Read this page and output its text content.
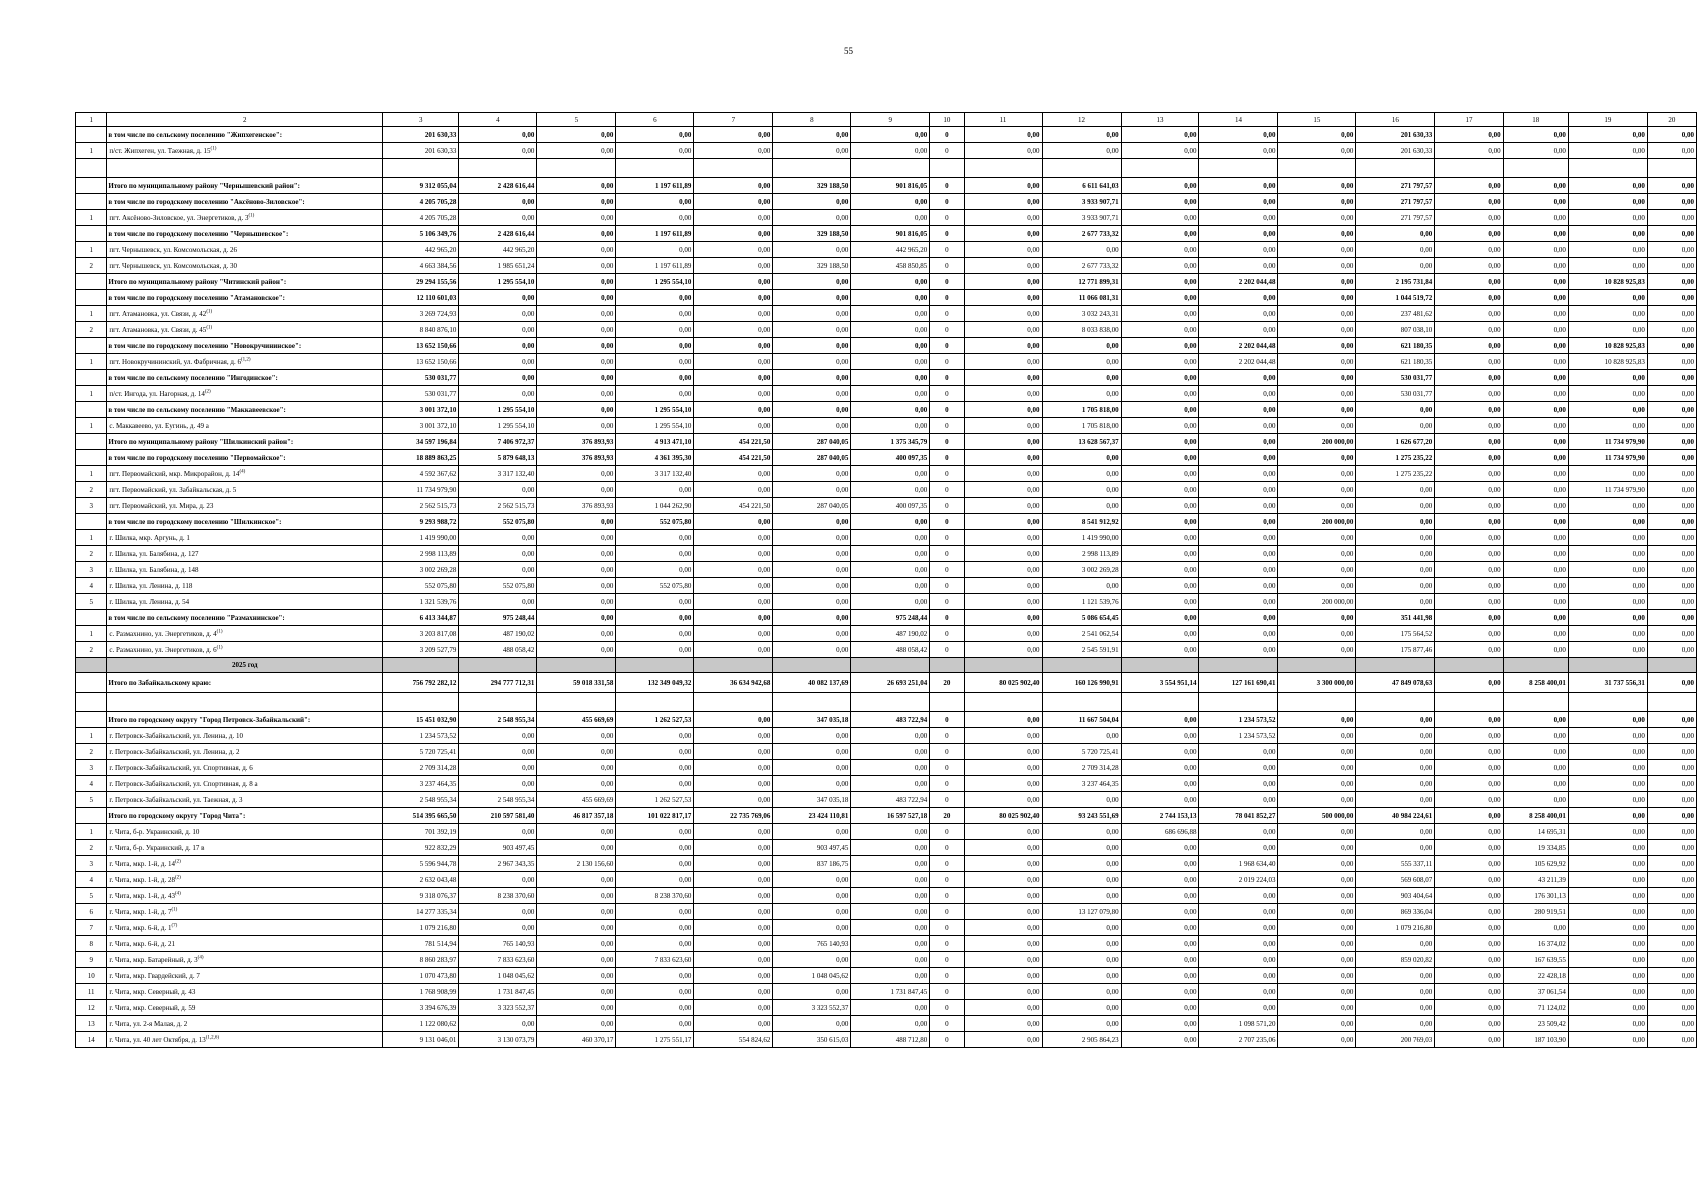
55
1	2	3	4	5	6	7	8	9	10	11	12	13	14	15	16	17	18	19	20
	в том числе по сельскому поселению "Жипхегенское":	201 630,33	0,00	0,00	0,00	0,00	0,00	0,00	0	0,00	0,00	0,00	0,00	0,00	201 630,33	0,00	0,00	0,00	0,00
1	п/ст. Жипхеген, ул. Таежная, д. 15$^{(1)}$	201 630,33	0,00	0,00	0,00	0,00	0,00	0,00	0	0,00	0,00	0,00	0,00	0,00	201 630,33	0,00	0,00	0,00	0,00

	Итого по муниципальному району "Чернышевский район":	9 312 055,04	2 428 616,44	0,00	1 197 611,89	0,00	329 188,50	901 816,05	0	0,00	6 611 641,03	0,00	0,00	0,00	271 797,57	0,00	0,00	0,00	0,00
	в том числе по городскому поселению "Аксёново-Зиловское":	4 205 705,28	0,00	0,00	0,00	0,00	0,00	0,00	0	0,00	3 933 907,71	0,00	0,00	0,00	271 797,57	0,00	0,00	0,00	0,00
1	пгт. Аксёново-Зиловское, ул. Энергетиков, д. 3$^{(1)}$	4 205 705,28	0,00	0,00	0,00	0,00	0,00	0,00	0	0,00	3 933 907,71	0,00	0,00	0,00	271 797,57	0,00	0,00	0,00	0,00
	в том числе по городскому поселению "Чернышевское":	5 106 349,76	2 428 616,44	0,00	1 197 611,89	0,00	329 188,50	901 816,05	0	0,00	2 677 733,32	0,00	0,00	0,00	0,00	0,00	0,00	0,00	0,00
1	пгт. Чернышевск, ул. Комсомольская, д. 26	442 965,20	442 965,20	0,00	0,00	0,00	0,00	442 965,20	0	0,00	0,00	0,00	0,00	0,00	0,00	0,00	0,00	0,00	0,00
2	пгт. Чернышевск, ул. Комсомольская, д. 30	4 663 384,56	1 985 651,24	0,00	1 197 611,89	0,00	329 188,50	458 850,85	0	0,00	2 677 733,32	0,00	0,00	0,00	0,00	0,00	0,00	0,00	0,00
	Итого по муниципальному району "Читинский район":	29 294 155,56	1 295 554,10	0,00	1 295 554,10	0,00	0,00	0,00	0	0,00	12 771 899,31	0,00	2 202 044,48	0,00	2 195 731,84	0,00	0,00	10 828 925,83	0,00
	в том числе по городскому поселению "Атамановское":	12 110 601,03	0,00	0,00	0,00	0,00	0,00	0,00	0	0,00	11 066 081,31	0,00	0,00	0,00	1 044 519,72	0,00	0,00	0,00	0,00
1	пгт. Атамановка, ул. Связи, д. 42$^{(1)}$	3 269 724,93	0,00	0,00	0,00	0,00	0,00	0,00	0	0,00	3 032 243,31	0,00	0,00	0,00	237 481,62	0,00	0,00	0,00	0,00
2	пгт. Атамановка, ул. Связи, д. 45$^{(1)}$	8 840 876,10	0,00	0,00	0,00	0,00	0,00	0,00	0	0,00	8 033 838,00	0,00	0,00	0,00	807 038,10	0,00	0,00	0,00	0,00
	в том числе по городскому поселению "Новокручининское":	13 652 150,66	0,00	0,00	0,00	0,00	0,00	0,00	0	0,00	0,00	0,00	2 202 044,48	0,00	621 180,35	0,00	0,00	10 828 925,83	0,00
1	пгт. Новокручининский, ул. Фабричная, д. 6$^{(1,2)}$	13 652 150,66	0,00	0,00	0,00	0,00	0,00	0,00	0	0,00	0,00	0,00	2 202 044,48	0,00	621 180,35	0,00	0,00	10 828 925,83	0,00
	в том числе по сельскому поселению "Ингодинское":	530 031,77	0,00	0,00	0,00	0,00	0,00	0,00	0	0,00	0,00	0,00	0,00	0,00	530 031,77	0,00	0,00	0,00	0,00
1	п/ст. Ингода, ул. Нагорная, д. 14$^{(2)}$	530 031,77	0,00	0,00	0,00	0,00	0,00	0,00	0	0,00	0,00	0,00	0,00	0,00	530 031,77	0,00	0,00	0,00	0,00
	в том числе по сельскому поселению "Маккавеевское":	3 001 372,10	1 295 554,10	0,00	1 295 554,10	0,00	0,00	0,00	0	0,00	1 705 818,00	0,00	0,00	0,00	0,00	0,00	0,00	0,00	0,00
1	с. Маккавеево, ул. Еугинь, д. 49 а	3 001 372,10	1 295 554,10	0,00	1 295 554,10	0,00	0,00	0,00	0	0,00	1 705 818,00	0,00	0,00	0,00	0,00	0,00	0,00	0,00	0,00
	Итого по муниципальному району "Шилкинский район":	34 597 196,84	7 406 972,37	376 893,93	4 913 471,10	454 221,50	287 040,05	1 375 345,79	0	0,00	13 628 567,37	0,00	0,00	200 000,00	1 626 677,20	0,00	0,00	11 734 979,90	0,00
	в том числе по городскому поселению "Первомайское":	18 889 863,25	5 879 648,13	376 893,93	4 361 395,30	454 221,50	287 040,05	400 097,35	0	0,00	0,00	0,00	0,00	0,00	1 275 235,22	0,00	0,00	11 734 979,90	0,00
1	пгт. Первомайский, мкр. Микрорайон, д. 14$^{(4)}$	4 592 367,62	3 317 132,40	0,00	3 317 132,40	0,00	0,00	0,00	0	0,00	0,00	0,00	0,00	0,00	1 275 235,22	0,00	0,00	0,00	0,00
2	пгт. Первомайский, ул. Забайкальская, д. 5	11 734 979,90	0,00	0,00	0,00	0,00	0,00	0,00	0	0,00	0,00	0,00	0,00	0,00	0,00	0,00	0,00	11 734 979,90	0,00
3	пгт. Первомайский, ул. Мира, д. 23	2 562 515,73	2 562 515,73	376 893,93	1 044 262,90	454 221,50	287 040,05	400 097,35	0	0,00	0,00	0,00	0,00	0,00	0,00	0,00	0,00	0,00	0,00
	в том числе по городскому поселению "Шилкинское":	9 293 988,72	552 075,80	0,00	552 075,80	0,00	0,00	0,00	0	0,00	8 541 912,92	0,00	0,00	200 000,00	0,00	0,00	0,00	0,00	0,00
1	г. Шилка, мкр. Аргунь, д. 1	1 419 990,00	0,00	0,00	0,00	0,00	0,00	0,00	0	0,00	1 419 990,00	0,00	0,00	0,00	0,00	0,00	0,00	0,00	0,00
2	г. Шилка, ул. Балябина, д. 127	2 998 113,89	0,00	0,00	0,00	0,00	0,00	0,00	0	0,00	2 998 113,89	0,00	0,00	0,00	0,00	0,00	0,00	0,00	0,00
3	г. Шилка, ул. Балябина, д. 148	3 002 269,28	0,00	0,00	0,00	0,00	0,00	0,00	0	0,00	3 002 269,28	0,00	0,00	0,00	0,00	0,00	0,00	0,00	0,00
4	г. Шилка, ул. Ленина, д. 118	552 075,80	552 075,80	0,00	552 075,80	0,00	0,00	0,00	0	0,00	0,00	0,00	0,00	0,00	0,00	0,00	0,00	0,00	0,00
5	г. Шилка, ул. Ленина, д. 54	1 321 539,76	0,00	0,00	0,00	0,00	0,00	0,00	0	0,00	1 121 539,76	0,00	0,00	200 000,00	0,00	0,00	0,00	0,00	0,00
	в том числе по сельскому поселению "Размахнинское":	6 413 344,87	975 248,44	0,00	0,00	0,00	0,00	975 248,44	0	0,00	5 086 654,45	0,00	0,00	0,00	351 441,98	0,00	0,00	0,00	0,00
1	с. Размахнино, ул. Энергетиков, д. 4$^{(1)}$	3 203 817,08	487 190,02	0,00	0,00	0,00	0,00	487 190,02	0	0,00	2 541 062,54	0,00	0,00	0,00	175 564,52	0,00	0,00	0,00	0,00
2	с. Размахнино, ул. Энергетиков, д. 6$^{(1)}$	3 209 527,79	488 058,42	0,00	0,00	0,00	0,00	488 058,42	0	0,00	2 545 591,91	0,00	0,00	0,00	175 877,46	0,00	0,00	0,00	0,00
	2025 год																		
	Итого по Забайкальскому краю:	756 792 282,12	294 777 712,31	59 018 331,58	132 349 049,32	36 634 942,68	40 082 137,69	26 693 251,04	20	80 025 902,40	160 126 990,91	3 554 951,14	127 161 690,41	3 300 000,00	47 849 078,63	0,00	8 258 400,01	31 737 556,31	0,00

	Итого по городскому округу "Город Петровск-Забайкальский":	15 451 032,90	2 548 955,34	455 669,69	1 262 527,53	0,00	347 035,18	483 722,94	0	0,00	11 667 504,04	0,00	1 234 573,52	0,00	0,00	0,00	0,00	0,00	0,00
1	г. Петровск-Забайкальский, ул. Ленина, д. 10	1 234 573,52	0,00	0,00	0,00	0,00	0,00	0,00	0	0,00	0,00	0,00	1 234 573,52	0,00	0,00	0,00	0,00	0,00	0,00
2	г. Петровск-Забайкальский, ул. Ленина, д. 2	5 720 725,41	0,00	0,00	0,00	0,00	0,00	0,00	0	0,00	5 720 725,41	0,00	0,00	0,00	0,00	0,00	0,00	0,00	0,00
3	г. Петровск-Забайкальский, ул. Спортивная, д. 6	2 709 314,28	0,00	0,00	0,00	0,00	0,00	0,00	0	0,00	2 709 314,28	0,00	0,00	0,00	0,00	0,00	0,00	0,00	0,00
4	г. Петровск-Забайкальский, ул. Спортивная, д. 8 а	3 237 464,35	0,00	0,00	0,00	0,00	0,00	0,00	0	0,00	3 237 464,35	0,00	0,00	0,00	0,00	0,00	0,00	0,00	0,00
5	г. Петровск-Забайкальский, ул. Таежная, д. 3	2 548 955,34	2 548 955,34	455 669,69	1 262 527,53	0,00	347 035,18	483 722,94	0	0,00	0,00	0,00	0,00	0,00	0,00	0,00	0,00	0,00	0,00
	Итого по городскому округу "Город Чита":	514 395 665,50	210 597 581,40	46 817 357,18	101 022 817,17	22 735 769,06	23 424 110,81	16 597 527,18	20	80 025 902,40	93 243 551,69	2 744 153,13	78 041 852,27	500 000,00	40 984 224,61	0,00	8 258 400,01	0,00	0,00
1	г. Чита, б-р. Украинский, д. 10	701 392,19	0,00	0,00	0,00	0,00	0,00	0,00	0	0,00	0,00	686 696,88	0,00	0,00	0,00	0,00	14 695,31	0,00	0,00
2	г. Чита, б-р. Украинский, д. 17 в	922 832,29	903 497,45	0,00	0,00	0,00	903 497,45	0,00	0	0,00	0,00	0,00	0,00	0,00	0,00	0,00	19 334,85	0,00	0,00
3	г. Чита, мкр. 1-й, д. 14$^{(2)}$	5 596 944,78	2 967 343,35	2 130 156,60	0,00	0,00	837 186,75	0,00	0	0,00	0,00	0,00	1 968 634,40	0,00	555 337,11	0,00	105 629,92	0,00	0,00
4	г. Чита, мкр. 1-й, д. 28$^{(2)}$	2 632 043,48	0,00	0,00	0,00	0,00	0,00	0,00	0	0,00	0,00	0,00	2 019 224,03	0,00	569 608,07	0,00	43 211,39	0,00	0,00
5	г. Чита, мкр. 1-й, д. 43$^{(4)}$	9 318 076,37	8 238 370,60	0,00	8 238 370,60	0,00	0,00	0,00	0	0,00	0,00	0,00	0,00	0,00	903 404,64	0,00	176 301,13	0,00	0,00
6	г. Чита, мкр. 1-й, д. 7$^{(1)}$	14 277 335,34	0,00	0,00	0,00	0,00	0,00	0,00	0	0,00	13 127 079,80	0,00	0,00	0,00	869 336,04	0,00	280 919,51	0,00	0,00
7	г. Чита, мкр. 6-й, д. 1$^{(7)}$	1 079 216,80	0,00	0,00	0,00	0,00	0,00	0,00	0	0,00	0,00	0,00	0,00	0,00	1 079 216,80	0,00	0,00	0,00	0,00
8	г. Чита, мкр. 6-й, д. 21	781 514,94	765 140,93	0,00	0,00	0,00	765 140,93	0,00	0	0,00	0,00	0,00	0,00	0,00	0,00	0,00	16 374,02	0,00	0,00
9	г. Чита, мкр. Батарейный, д. 3$^{(4)}$	8 860 283,97	7 833 623,60	0,00	7 833 623,60	0,00	0,00	0,00	0	0,00	0,00	0,00	0,00	0,00	859 020,82	0,00	167 639,55	0,00	0,00
10	г. Чита, мкр. Гвардейский, д. 7	1 070 473,80	1 048 045,62	0,00	0,00	0,00	1 048 045,62	0,00	0	0,00	0,00	0,00	0,00	0,00	0,00	0,00	22 428,18	0,00	0,00
11	г. Чита, мкр. Северный, д. 43	1 768 908,99	1 731 847,45	0,00	0,00	0,00	0,00	1 731 847,45	0	0,00	0,00	0,00	0,00	0,00	0,00	0,00	37 061,54	0,00	0,00
12	г. Чита, мкр. Северный, д. 59	3 394 676,39	3 323 552,37	0,00	0,00	0,00	3 323 552,37	0,00	0	0,00	0,00	0,00	0,00	0,00	0,00	0,00	71 124,02	0,00	0,00
13	г. Чита, ул. 2-я Малая, д. 2	1 122 080,62	0,00	0,00	0,00	0,00	0,00	0,00	0	0,00	0,00	0,00	1 098 571,20	0,00	0,00	0,00	23 509,42	0,00	0,00
14	г. Чита, ул. 40 лет Октября, д. 13$^{(1,2,6)}$	9 131 046,01	3 130 073,79	460 370,17	1 275 551,17	554 824,62	350 615,03	488 712,80	0	0,00	2 905 864,23	0,00	2 707 235,06	0,00	200 769,03	0,00	187 103,90	0,00	0,00
